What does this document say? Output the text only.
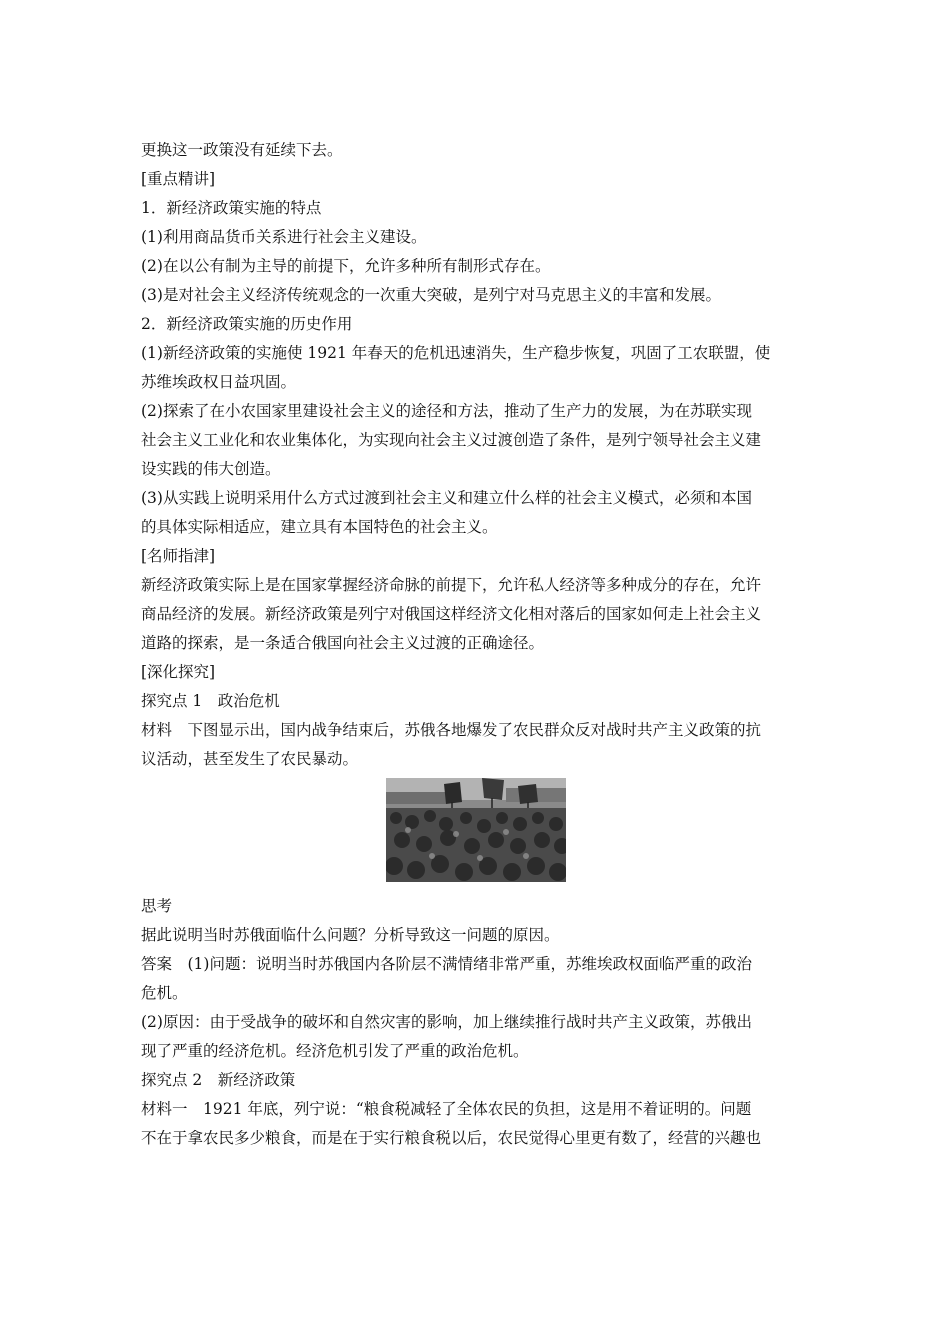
更换这一政策没有延续下去。
[重点精讲]
1．新经济政策实施的特点
(1)利用商品货币关系进行社会主义建设。
(2)在以公有制为主导的前提下，允许多种所有制形式存在。
(3)是对社会主义经济传统观念的一次重大突破，是列宁对马克思主义的丰富和发展。
2．新经济政策实施的历史作用
(1)新经济政策的实施使 1921 年春天的危机迅速消失，生产稳步恢复，巩固了工农联盟，使
苏维埃政权日益巩固。
(2)探索了在小农国家里建设社会主义的途径和方法，推动了生产力的发展，为在苏联实现
社会主义工业化和农业集体化，为实现向社会主义过渡创造了条件，是列宁领导社会主义建
设实践的伟大创造。
(3)从实践上说明采用什么方式过渡到社会主义和建立什么样的社会主义模式，必须和本国
的具体实际相适应，建立具有本国特色的社会主义。
[名师指津]
新经济政策实际上是在国家掌握经济命脉的前提下，允许私人经济等多种成分的存在，允许
商品经济的发展。新经济政策是列宁对俄国这样经济文化相对落后的国家如何走上社会主义
道路的探索，是一条适合俄国向社会主义过渡的正确途径。
[深化探究]
探究点 1　政治危机
材料　下图显示出，国内战争结束后，苏俄各地爆发了农民群众反对战时共产主义政策的抗
议活动，甚至发生了农民暴动。
思考
据此说明当时苏俄面临什么问题？分析导致这一问题的原因。
答案　(1)问题：说明当时苏俄国内各阶层不满情绪非常严重，苏维埃政权面临严重的政治
危机。
(2)原因：由于受战争的破坏和自然灾害的影响，加上继续推行战时共产主义政策，苏俄出
现了严重的经济危机。经济危机引发了严重的政治危机。
探究点 2　新经济政策
材料一　1921 年底，列宁说：“粮食税减轻了全体农民的负担，这是用不着证明的。问题
不在于拿农民多少粮食，而是在于实行粮食税以后，农民觉得心里更有数了，经营的兴趣也
